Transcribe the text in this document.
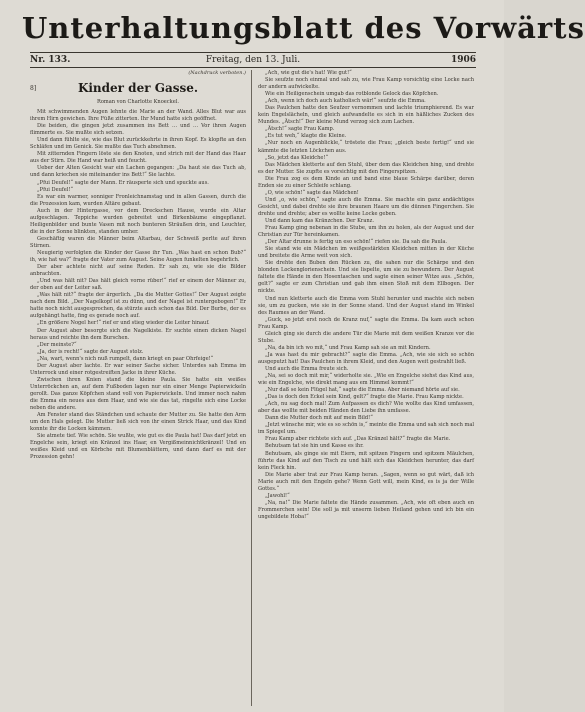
Unterhaltungsblatt des Vorwärts
Nr. 133.	Freitag, den 13. Juli.	1906

(Nachdruck verboten.)

8]	Kinder der Gasse.

Roman von Charlotte Knoeckel.

Mit schwimmenden Augen lehnte die Marie an der Wand. Alles Blut war aus ihrem Hirn gewichen. Ihre Füße zitterten. Ihr Mund hatte sich geöffnet.

Die beiden, die gingen jetzt zusammen ins Bett … und … Vor ihren Augen flimmerte es. Sie mußte sich setzen.

Und dann fühlte sie, wie das Blut zurückkehrte in ihren Kopf. Es klopfte an den Schläfen und im Genick. Sie mußte das Tuch abnehmen.

Mit zitternden Fingern löste sie den Knoten, und strich mit der Hand das Haar aus der Stirn. Die Hand war heiß und feucht.

Ueber der Alten Gesicht war ein Lachen gegangen: „Da haut sie das Tuch ab, und dann kriechen sie miteinander ins Bett!“ Sie lachte.

„Pfui Deufel!“ sagte der Mann. Er räusperte sich und spuckte aus.

„Pfui Deufel!“

Es war ein warmer, sonniger Fronleichnamstag und in allen Gassen, durch die die Prozession kam, wurden Altäre gebaut.

Auch in der Hintergasse, vor dem Dreckschen Hause, wurde ein Altar aufgeschlagen. Teppiche wurden gebreitet und Birkenbäume eingepflanzt. Heiligenbilder und bunte Vasen mit noch bunteren Sträußen drin, und Leuchter, die in der Sonne blinkten, standen umher.

Geschäftig waren die Männer beim Altarbau, der Schweiß perlte auf ihren Stirnen.

Neugierig verfolgten die Kinder der Gasse ihr Tun. „Was hast en schon Bub?“ ih, wie hat wa?“ fragte der Vater zum August. Seine Augen funkelten begehrlich.

Der aber achtete nicht auf seine Reden. Er sah zu, wie sie die Bilder anbrachten.

„Und was hält nit? Das hält gleich vorne rüber!“ rief er einem der Männer zu, der oben auf der Leiter saß.

„Was hält nit?“ fragte der ärgerlich. „Da die Mutter Gottes!“ Der August zeigte nach dem Bild. „Der Nagelkopf ist zu dünn, und der Nagel ist runtergebogen!“ Er hatte noch nicht ausgesprochen, da stürzte auch schon das Bild. Der Burbe, der es aufgehängt hatte, fing es gerade noch auf.

„En größere Nogel her!“ rief er und stieg wieder die Leiter hinauf.

Der August aber besorgte sich die Nagelkiste. Er suchte einen dicken Nagel heraus und reichte ihn dem Burschen.

„Der meinste?“

„Ja, der is recht!“ sagte der August stolz.

„Na, wart, wenn's nich nuß rumpelt, dann kriegt en paar Ohrfeige!“

Der August aber lachte. Er war seiner Sache sicher. Unterdes sah Emma im Unterrock und einer rotgestreiften Jacke in ihrer Küche.

Zwischen ihren Knien stand die kleine Paula. Sie hatte ein weißes Unterröckchen an, auf dem Fußboden lagen nur ein einer Menge Papierwickeln gerollt. Das ganze Köpfchen stand voll von Papierwickeln. Und immer noch nahm die Emma ein neues aus dem Haar, und wie sie das tat, ringelte sich eine Locke neben die andere.

Am Fenster stand das Ständchen und schaute der Mutter zu. Sie hatte den Arm um den Hals gelegt. Die Mutter ließ sich von ihr einen Strick Haar, und das Kind konnte ihr die Locken kämmen.

Sie atmete tief. Wie schön. Sie wußte, wie gut es die Paula hat! Das darf jetzt en Engelche sein, kriegt ein Kränzel ins Haar, en Vergißmeinnichtkränzel! Und en weißes Kleid und en Körbche mit Blumenblättern, und dann darf es mit der Prozession gehn!

„Ach, wie gut die's hat! Wie gut!“

Sie seufzte noch einmal und sah zu, wie Frau Kamp vorsichtig eine Locke nach der andern aufwickelte.

Wie ein Heiligenschein umgab das rotblonde Gelock das Köpfchen.

„Ach, wenn ich doch auch katholisch wär!“ seufzte die Emma.

Das Paulchen hatte den Seufzer vernommen und lachte triumphierend. Es war kein Engelslächeln, und gleich aufwandelte es sich in ein häßliches Zucken des Mundes. „Ätsch!“ Der kleine Mund verzog sich zum Lachen.

„Ätsch!“ sagte Frau Kamp.

„Es tut weh,“ klagte die Kleine.

„Nur noch en Augenblickle,“ tröstete die Frau; „gleich beste fertig!“ und sie kämmte die letzten Löckchen aus.

„So, jetzt das Kleidche!“

Das Mädchen kletterte auf den Stuhl, über dem das Kleidchen hing, und drehte es der Mutter. Sie zupfte es vorsichtig mit den Fingerspitzen.

Die Frau zog es dem Kinde an und band eine blaue Schärpe darüber, deren Enden sie zu einer Schleife schlang.

„O, wie schön!“ sagte das Mädchen!

Und „o, wie schön,“ sagte auch die Emma. Sie machte ein ganz andächtiges Gesicht, und dabei drehte sie ihre braunen Haare um die dünnen Fingerchen. Sie drehte und drehte; aber es wollte keine Locke geben.

Und dann kam das Kränzchen. Der Kranz.

Frau Kamp ging nebenan in die Stube, um ihn zu holen, als der August und der Christian zur Tür hereinkamen.

„Der Altar drunne is fertig un eso schön!“ riefen sie. Da sah die Paula.

Sie stand wie ein Mädchen im weißgestärkten Kleidchen mitten in der Küche und breitete die Arme weit von sich.

Sie drehte den Buben den Rücken zu, die sahen nur die Schärpe und den blonden Lockenglorienschein. Und sie lispelte, um sie zu bewundern. Der August faltete die Hände in den Hosentaschen und sagte einen seiner Witze aus. „Schön, gelt?“ sagte er zum Christian und gab ihm einen Stoß mit dem Ellbogen. Der nickte.

Und nun kletterte auch die Emma vom Stuhl herunter und machte sich neben sie, um zu gucken, wie sie in der Sonne stand. Und der August stand im Winkel des Raumes an der Wand.

„Guck, so jetzt erst noch de Kranz nuf,“ sagte die Emma. Da kam auch schon Frau Kamp.

Gleich ging sie durch die andere Tür die Marie mit dem weißen Kranze vor die Stube.

„Na, da bin ich wo mit,“ und Frau Kamp sah sie an mit Kindern.

„Ja was hast du mir gebracht?“ sagte die Emma. „Ach, wie sie sich so schön ausgeputzt hat! Das Paulchen in ihrem Kleid, und den Augen weit gestrahlt ließ.

Und auch die Emma freute sich.

„Na, sei so doch mit mir,“ widerholte sie. „Wie en Engelche siehst das Kind aus, wie ein Engelche, wie direkt mang aus em Himmel kommt!“

„Nur daß se kein Flügel hat,“ sagte die Emma. Aber niemand hörte auf sie.

„Das is doch den Eckel sein Kind, gelt?“ fragte die Marie. Frau Kamp nickte.

„Ach, nu sag doch mal! Zum Aufpassen es dich? Wie wollte das Kind umfassen, aber das wollte mit beiden Händen den Liebe ihn umfasse.

Dann die Mutter doch mit auf mein Bild!“

„Jetzt wünsche mir, wie es so schön is,“ meinte die Emma und sah sich noch mal im Spiegel um.

Frau Kamp aber richtete sich auf. „Das Kränzel hält?“ fragte die Marie.

Behutsam tat sie hin und Kasse es ihr.

Behutsam, als ginge sie mit Eiern, mit spitzen Fingern und spitzem Mäulchen, führte das Kind auf den Tisch zu und hält sich das Kleidchen herunter, das darf kein Fleck hin.

Die Marie aber trat zur Frau Kamp heran. „Sagen, wenn so gut wärt, daß ich Marie auch mit den Engeln gehe? Wenn Gott will, mein Kind, es is ja der Wille Gottes.“

„Jawohl!“

„Na, na!“ Die Marie faltete die Hände zusammen. „Ach, wie oft eben auch en Frommerchen sein! Die soll ja mit unserm lieben Heiland gehen und ich bin ein ungebildete Hoba!“
